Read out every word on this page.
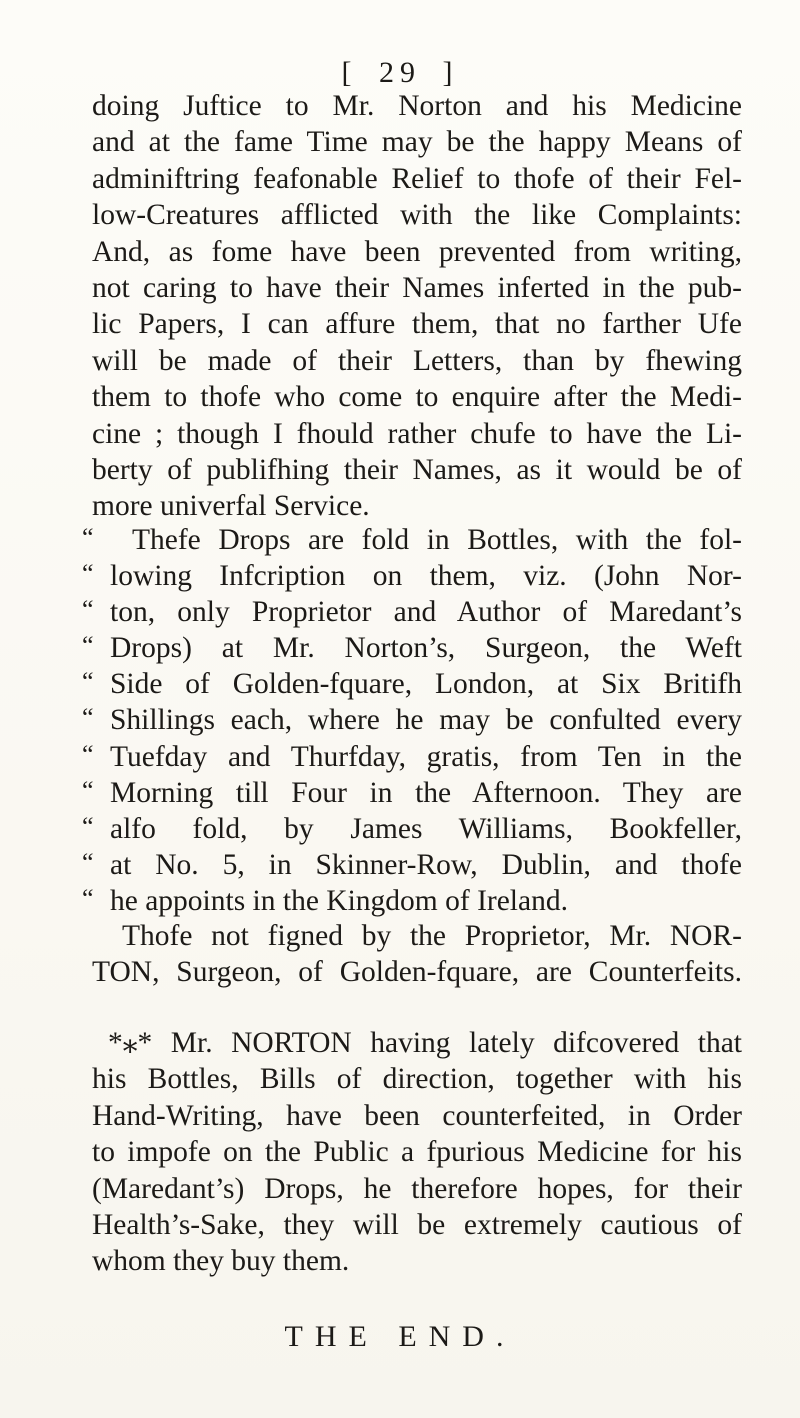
[ 29 ]
doing Juftice to Mr. Norton and his Medicine
and at the fame Time may be the happy Means of
adminiftring feafonable Relief to thofe of their Fel-
low-Creatures afflicted with the like Complaints:
And, as fome have been prevented from writing,
not caring to have their Names inferted in the pub-
lic Papers, I can affure them, that no farther Ufe
will be made of their Letters, than by fhewing
them to thofe who come to enquire after the Medi-
cine ; though I fhould rather chufe to have the Li-
berty of publifhing their Names, as it would be of
more univerfal Service.
“	Thefe Drops are fold in Bottles, with the fol-
“ lowing Infcription on them, viz. (John Nor-
“ ton, only Proprietor and Author of Maredant’s
“ Drops) at Mr. Norton’s, Surgeon, the Weft
“ Side of Golden-fquare, London, at Six Britifh
“ Shillings each, where he may be confulted every
“ Tuefday and Thurfday, gratis, from Ten in the
“ Morning till Four in the Afternoon. They are
“ alfo fold, by James Williams, Bookfeller,
“ at No. 5, in Skinner-Row, Dublin, and thofe
“ he appoints in the Kingdom of Ireland.
Thofe not figned by the Proprietor, Mr. NOR-
TON, Surgeon, of Golden-fquare, are Counterfeits.
*⁎* Mr. NORTON having lately difcovered that
his Bottles, Bills of direction, together with his
Hand-Writing, have been counterfeited, in Order
to impofe on the Public a fpurious Medicine for his
(Maredant’s) Drops, he therefore hopes, for their
Health’s-Sake, they will be extremely cautious of
whom they buy them.
THE END.
